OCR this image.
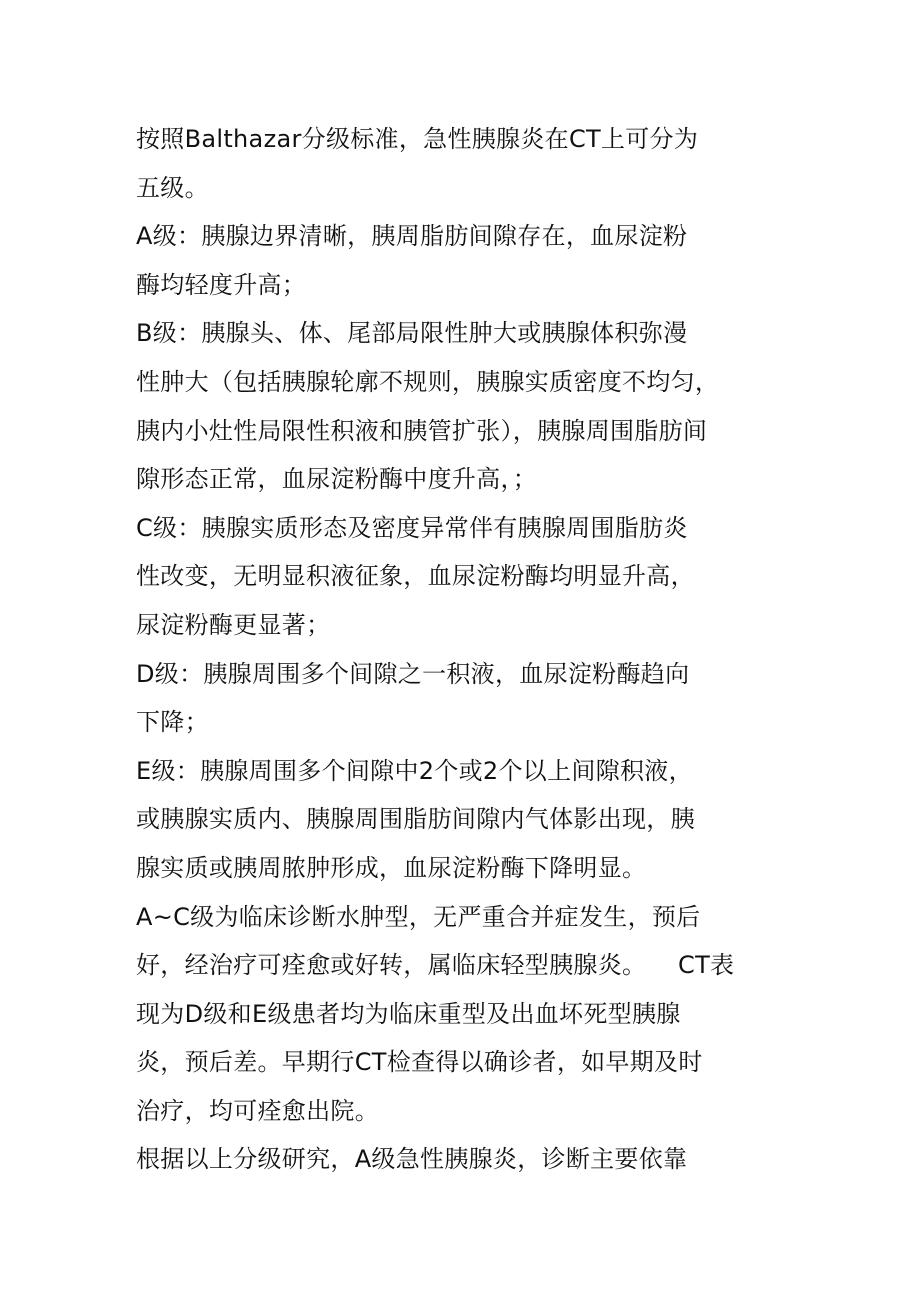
按照Balthazar分级标准，急性胰腺炎在CT上可分为
五级。
A级：胰腺边界清晰，胰周脂肪间隙存在，血尿淀粉
酶均轻度升高；
B级：胰腺头、体、尾部局限性肿大或胰腺体积弥漫
性肿大（包括胰腺轮廓不规则，胰腺实质密度不均匀，
胰内小灶性局限性积液和胰管扩张），胰腺周围脂肪间
隙形态正常，血尿淀粉酶中度升高，；
C级：胰腺实质形态及密度异常伴有胰腺周围脂肪炎
性改变，无明显积液征象，血尿淀粉酶均明显升高，
尿淀粉酶更显著；
D级：胰腺周围多个间隙之一积液，血尿淀粉酶趋向
下降；
E级：胰腺周围多个间隙中2个或2个以上间隙积液，
或胰腺实质内、胰腺周围脂肪间隙内气体影出现，胰
腺实质或胰周脓肿形成，血尿淀粉酶下降明显。
A~C级为临床诊断水肿型，无严重合并症发生，预后
好，经治疗可痊愈或好转，属临床轻型胰腺炎。    CT表
现为D级和E级患者均为临床重型及出血坏死型胰腺
炎，预后差。早期行CT检查得以确诊者，如早期及时
治疗，均可痊愈出院。
根据以上分级研究，A级急性胰腺炎，诊断主要依靠
